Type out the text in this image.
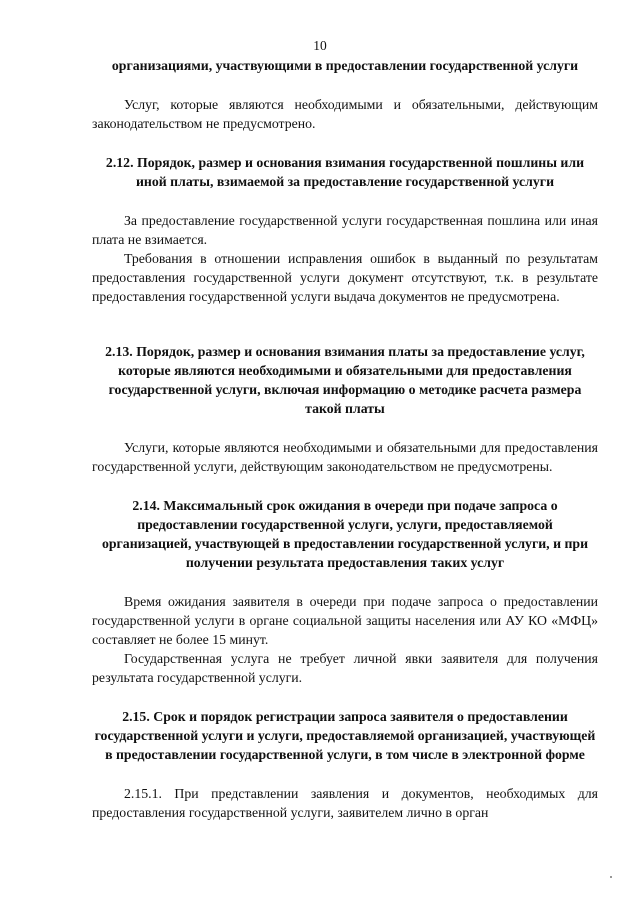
10

организациями, участвующими в предоставлении государственной услуги

Услуг, которые являются необходимыми и обязательными, действующим законодательством не предусмотрено.

2.12. Порядок, размер и основания взимания государственной пошлины или иной платы, взимаемой за предоставление государственной услуги

За предоставление государственной услуги государственная пошлина или иная плата не взимается.

Требования в отношении исправления ошибок в выданный по результатам предоставления государственной услуги документ отсутствуют, т.к. в результате предоставления государственной услуги выдача документов не предусмотрена.

2.13. Порядок, размер и основания взимания платы за предоставление услуг, которые являются необходимыми и обязательными для предоставления государственной услуги, включая информацию о методике расчета размера такой платы

Услуги, которые являются необходимыми и обязательными для предоставления государственной услуги, действующим законодательством не предусмотрены.

2.14. Максимальный срок ожидания в очереди при подаче запроса о предоставлении государственной услуги, услуги, предоставляемой организацией, участвующей в предоставлении государственной услуги, и при получении результата предоставления таких услуг

Время ожидания заявителя в очереди при подаче запроса о предоставлении государственной услуги в органе социальной защиты населения или АУ КО «МФЦ» составляет не более 15 минут.

Государственная услуга не требует личной явки заявителя для получения результата государственной услуги.

2.15. Срок и порядок регистрации запроса заявителя о предоставлении государственной услуги и услуги, предоставляемой организацией, участвующей в предоставлении государственной услуги, в том числе в электронной форме

2.15.1. При представлении заявления и документов, необходимых для предоставления государственной услуги, заявителем лично в орган
